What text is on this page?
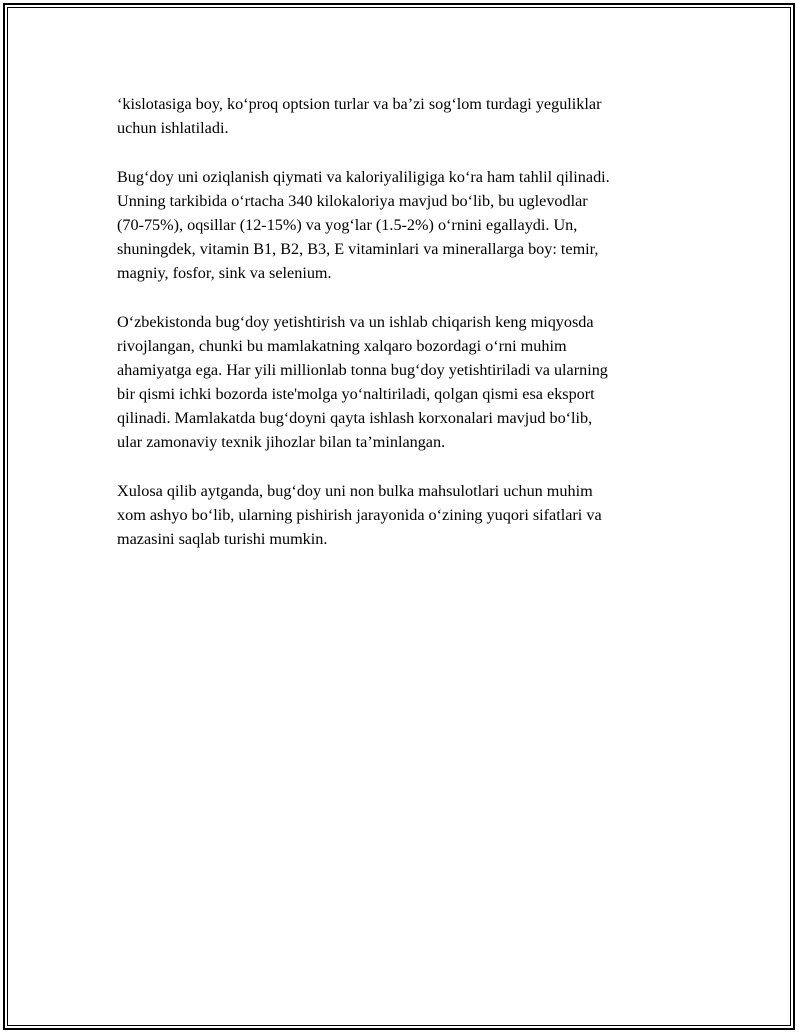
‘kislotasiga boy, ko‘proq optsion turlar va ba’zi sog‘lom turdagi yeguliklar
uchun ishlatiladi.

Bug‘doy uni oziqlanish qiymati va kaloriyaliligiga ko‘ra ham tahlil qilinadi.
Unning tarkibida o‘rtacha 340 kilokaloriya mavjud bo‘lib, bu uglevodlar
(70-75%), oqsillar (12-15%) va yog‘lar (1.5-2%) o‘rnini egallaydi. Un,
shuningdek, vitamin B1, B2, B3, E vitaminlari va minerallarga boy: temir,
magniy, fosfor, sink va selenium.

O‘zbekistonda bug‘doy yetishtirish va un ishlab chiqarish keng miqyosda
rivojlangan, chunki bu mamlakatning xalqaro bozordagi o‘rni muhim
ahamiyatga ega. Har yili millionlab tonna bug‘doy yetishtiriladi va ularning
bir qismi ichki bozorda iste'molga yo‘naltiriladi, qolgan qismi esa eksport
qilinadi. Mamlakatda bug‘doyni qayta ishlash korxonalari mavjud bo‘lib,
ular zamonaviy texnik jihozlar bilan ta’minlangan.

Xulosa qilib aytganda, bug‘doy uni non bulka mahsulotlari uchun muhim
xom ashyo bo‘lib, ularning pishirish jarayonida o‘zining yuqori sifatlari va
mazasini saqlab turishi mumkin.
